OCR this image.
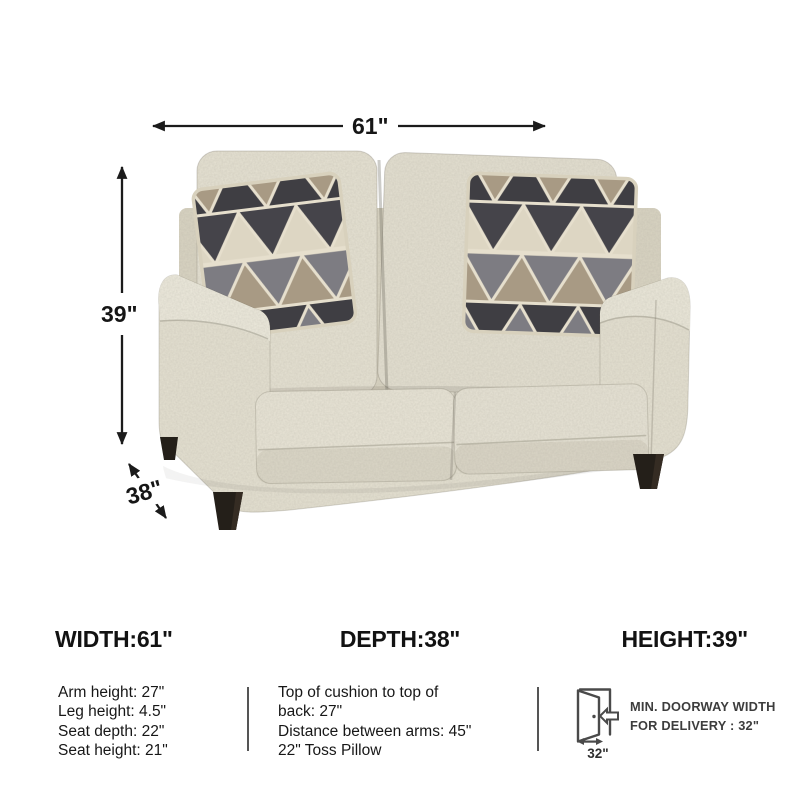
61"
39"
38"
WIDTH:61"	DEPTH:38"	HEIGHT:39"
Arm height: 27"
Leg height: 4.5"
Seat depth: 22"
Seat height: 21"
Top of cushion to top of
back: 27"
Distance between arms: 45"
22" Toss Pillow	32"
MIN. DOORWAY WIDTH
FOR DELIVERY : 32"
